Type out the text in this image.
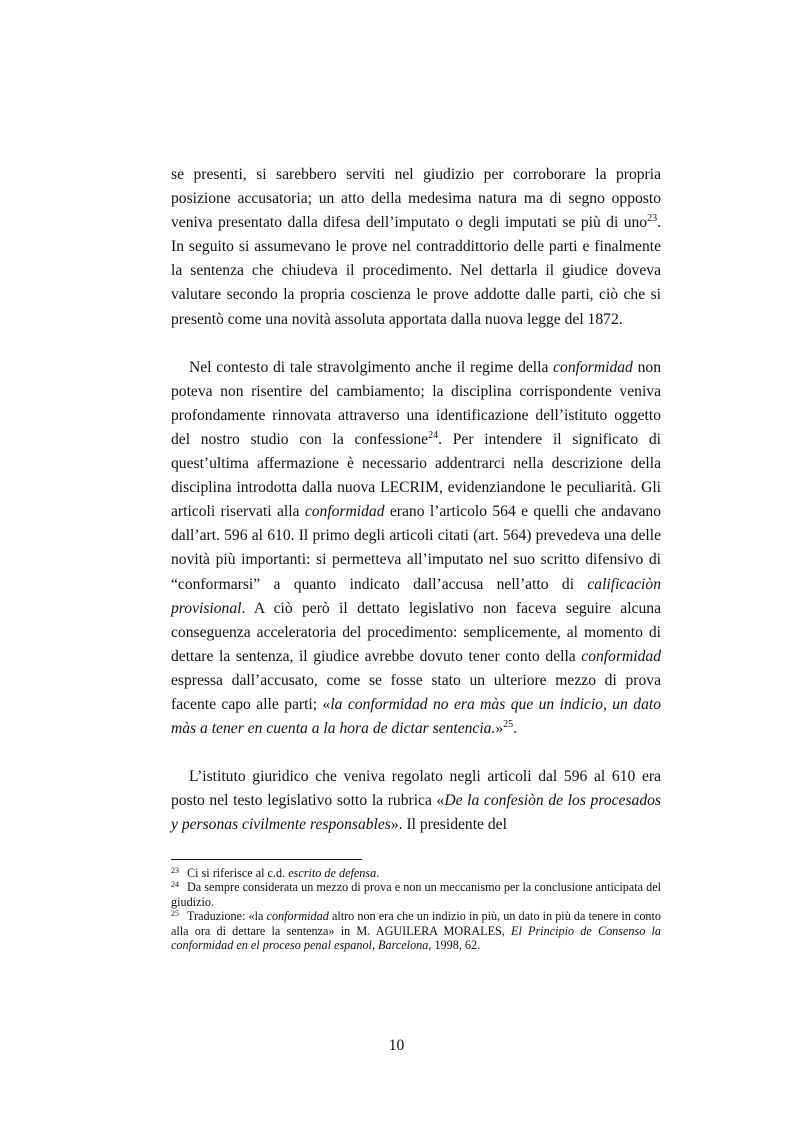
se presenti, si sarebbero serviti nel giudizio per corroborare la propria posizione accusatoria; un atto della medesima natura ma di segno opposto veniva presentato dalla difesa dell’imputato o degli imputati se più di uno$^{23}$. In seguito si assumevano le prove nel contraddittorio delle parti e finalmente la sentenza che chiudeva il procedimento. Nel dettarla il giudice doveva valutare secondo la propria coscienza le prove addotte dalle parti, ciò che si presentò come una novità assoluta apportata dalla nuova legge del 1872.

Nel contesto di tale stravolgimento anche il regime della conformidad non poteva non risentire del cambiamento; la disciplina corrispondente veniva profondamente rinnovata attraverso una identificazione dell’istituto oggetto del nostro studio con la confessione$^{24}$. Per intendere il significato di quest’ultima affermazione è necessario addentrarci nella descrizione della disciplina introdotta dalla nuova LECRIM, evidenziandone le peculiarità. Gli articoli riservati alla conformidad erano l’articolo 564 e quelli che andavano dall’art. 596 al 610. Il primo degli articoli citati (art. 564) prevedeva una delle novità più importanti: si permetteva all’imputato nel suo scritto difensivo di “conformarsi” a quanto indicato dall’accusa nell’atto di calificaciòn provisional. A ciò però il dettato legislativo non faceva seguire alcuna conseguenza acceleratoria del procedimento: semplicemente, al momento di dettare la sentenza, il giudice avrebbe dovuto tener conto della conformidad espressa dall’accusato, come se fosse stato un ulteriore mezzo di prova facente capo alle parti; «la conformidad no era màs que un indicio, un dato màs a tener en cuenta a la hora de dictar sentencia.»$^{25}$.

L’istituto giuridico che veniva regolato negli articoli dal 596 al 610 era posto nel testo legislativo sotto la rubrica «De la confesiòn de los procesados y personas civilmente responsables». Il presidente del

$^{23}$ Ci si riferisce al c.d. escrito de defensa.

$^{24}$ Da sempre considerata un mezzo di prova e non un meccanismo per la conclusione anticipata del giudizio.

$^{25}$ Traduzione: «la conformidad altro non era che un indizio in più, un dato in più da tenere in conto alla ora di dettare la sentenza» in M. AGUILERA MORALES, El Principio de Consenso la conformidad en el proceso penal espanol, Barcelona, 1998, 62.

10
